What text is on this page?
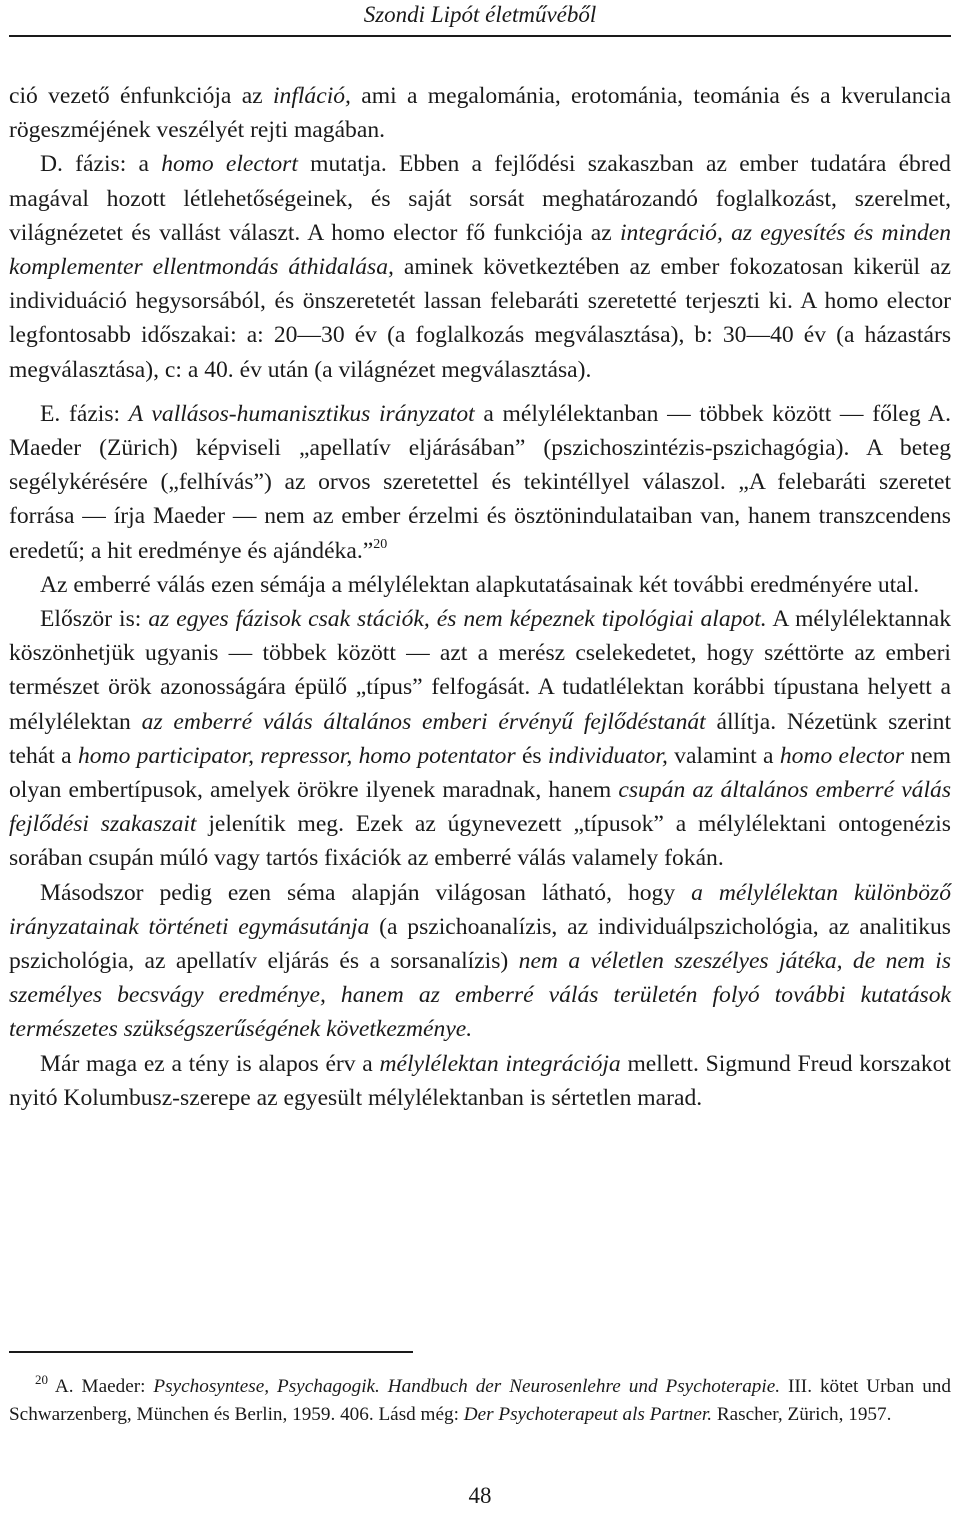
Szondi Lipót életművéből

ció vezető énfunkciója az infláció, ami a megalománia, erotománia, teománia és a kverulancia rögeszméjének veszélyét rejti magában.

D. fázis: a homo electort mutatja. Ebben a fejlődési szakaszban az ember tudatára ébred magával hozott létlehetőségeinek, és saját sorsát meghatározandó foglalkozást, szerelmet, világnézetet és vallást választ. A homo elector fő funkciója az integráció, az egyesítés és minden komplementer ellentmondás áthidalása, aminek következtében az ember fokozatosan kikerül az individuáció hegysorsából, és önszeretetét lassan felebaráti szeretetté terjeszti ki. A homo elector legfontosabb időszakai: a: 20—30 év (a foglalkozás megválasztása), b: 30—40 év (a házastárs megválasztása), c: a 40. év után (a világnézet megválasztása).

E. fázis: A vallásos-humanisztikus irányzatot a mélylélektanban — többek között — főleg A. Maeder (Zürich) képviseli „apellatív eljárásában” (pszichoszintézis-pszichagógia). A beteg segélykérésére („felhívás”) az orvos szeretettel és tekintéllyel válaszol. „A felebaráti szeretet forrása — írja Maeder — nem az ember érzelmi és ösztönindulataiban van, hanem transzcendens eredetű; a hit eredménye és ajándéka.”$^{20}$

Az emberré válás ezen sémája a mélylélektan alapkutatásainak két további eredményére utal.

Először is: az egyes fázisok csak stációk, és nem képeznek tipológiai alapot. A mélylélektannak köszönhetjük ugyanis — többek között — azt a merész cselekedetet, hogy széttörte az emberi természet örök azonosságára épülő „típus” felfogását. A tudatlélektan korábbi típustana helyett a mélylélektan az emberré válás általános emberi érvényű fejlődéstanát állítja. Nézetünk szerint tehát a homo participator, repressor, homo potentator és individuator, valamint a homo elector nem olyan embertípusok, amelyek örökre ilyenek maradnak, hanem csupán az általános emberré válás fejlődési szakaszait jelenítik meg. Ezek az úgynevezett „típusok” a mélylélektani ontogenézis sorában csupán múló vagy tartós fixációk az emberré válás valamely fokán.

Másodszor pedig ezen séma alapján világosan látható, hogy a mélylélektan különböző irányzatainak történeti egymásutánja (a pszichoanalízis, az individuálpszichológia, az analitikus pszichológia, az apellatív eljárás és a sorsanalízis) nem a véletlen szeszélyes játéka, de nem is személyes becsvágy eredménye, hanem az emberré válás területén folyó további kutatások természetes szükségszerűségének következménye.

Már maga ez a tény is alapos érv a mélylélektan integrációja mellett. Sigmund Freud korszakot nyitó Kolumbusz-szerepe az egyesült mélylélektanban is sértetlen marad.

$^{20}$ A. Maeder: Psychosyntese, Psychagogik. Handbuch der Neurosenlehre und Psychoterapie. III. kötet Urban und Schwarzenberg, München és Berlin, 1959. 406. Lásd még: Der Psychoterapeut als Partner. Rascher, Zürich, 1957.

48
